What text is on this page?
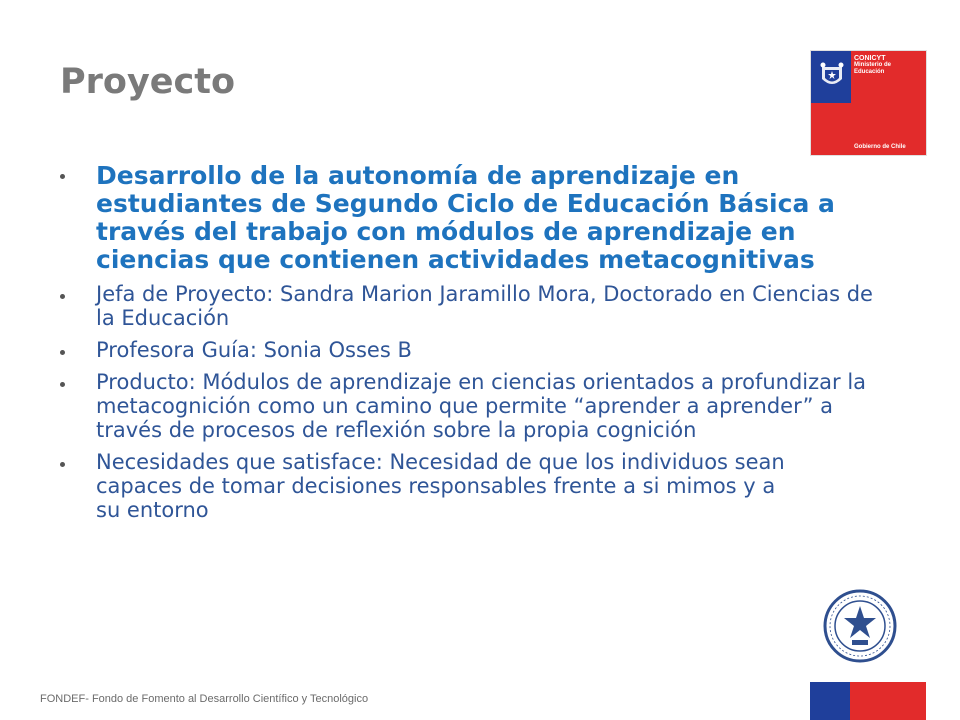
Proyecto
CONICYT
Ministerio de
Educación
Gobierno de Chile
Desarrollo de la autonomía de aprendizaje en estudiantes de Segundo Ciclo de Educación Básica a través del trabajo con módulos de aprendizaje en ciencias que contienen actividades metacognitivas
Jefa de Proyecto: Sandra Marion Jaramillo Mora, Doctorado en Ciencias de la Educación
Profesora Guía: Sonia Osses B
Producto: Módulos de aprendizaje en ciencias orientados a profundizar la metacognición como un camino que permite “aprender a aprender” a través de procesos de reflexión sobre la propia cognición
Necesidades que satisface: Necesidad de que los individuos sean capaces de tomar decisiones responsables frente a si mimos y a su entorno
FONDEF- Fondo de Fomento al Desarrollo Científico y Tecnológico
